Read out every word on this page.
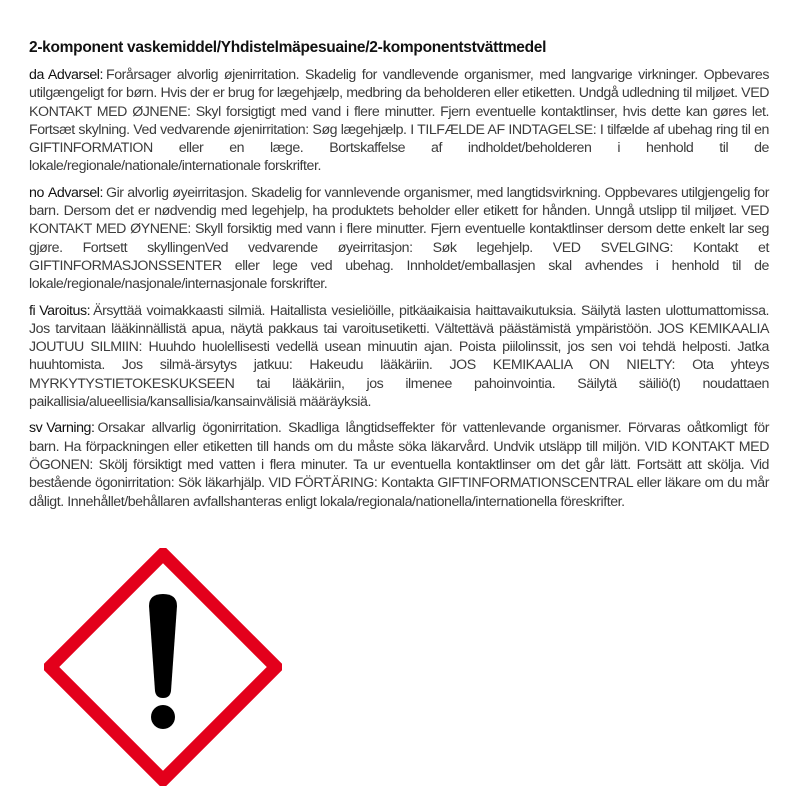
2-komponent vaskemiddel/Yhdistelmäpesuaine/2-komponentstvättmedel
da Advarsel: Forårsager alvorlig øjenirritation. Skadelig for vandlevende organismer, med langvarige virkninger. Opbevares utilgængeligt for børn. Hvis der er brug for lægehjælp, medbring da beholderen eller etiketten. Undgå udledning til miljøet. VED KONTAKT MED ØJNENE: Skyl forsigtigt med vand i flere minutter. Fjern eventuelle kontaktlinser, hvis dette kan gøres let. Fortsæt skylning. Ved vedvarende øjenirritation: Søg lægehjælp. I TILFÆLDE AF INDTAGELSE: I tilfælde af ubehag ring til en GIFTINFORMATION eller en læge. Bortskaffelse af indholdet/beholderen i henhold til de lokale/regionale/nationale/internationale forskrifter.
no Advarsel: Gir alvorlig øyeirritasjon. Skadelig for vannlevende organismer, med langtidsvirkning. Oppbevares utilgjengelig for barn. Dersom det er nødvendig med legehjelp, ha produktets beholder eller etikett for hånden. Unngå utslipp til miljøet. VED KONTAKT MED ØYNENE: Skyll forsiktig med vann i flere minutter. Fjern eventuelle kontaktlinser dersom dette enkelt lar seg gjøre. Fortsett skyllingenVed vedvarende øyeirritasjon: Søk legehjelp. VED SVELGING: Kontakt et GIFTINFORMASJONSSENTER eller lege ved ubehag. Innholdet/emballasjen skal avhendes i henhold til de lokale/regionale/nasjonale/internasjonale forskrifter.
fi Varoitus: Ärsyttää voimakkaasti silmiä. Haitallista vesieliöille, pitkäaikaisia haittavaikutuksia. Säilytä lasten ulottumattomissa. Jos tarvitaan lääkinnällistä apua, näytä pakkaus tai varoitusetiketti. Vältettävä päästämistä ympäristöön. JOS KEMIKAALIA JOUTUU SILMIIN: Huuhdo huolellisesti vedellä usean minuutin ajan. Poista piilolinssit, jos sen voi tehdä helposti. Jatka huuhtomista. Jos silmä-ärsytys jatkuu: Hakeudu lääkäriin. JOS KEMIKAALIA ON NIELTY: Ota yhteys MYRKYTYSTIETOKESKUKSEEN tai lääkäriin, jos ilmenee pahoinvointia. Säilytä säiliö(t) noudattaen paikallisia/alueellisia/kansallisia/kansainvälisiä määräyksiä.
sv Varning: Orsakar allvarlig ögonirritation. Skadliga långtidseffekter för vattenlevande organismer. Förvaras oåtkomligt för barn. Ha förpackningen eller etiketten till hands om du måste söka läkarvård. Undvik utsläpp till miljön. VID KONTAKT MED ÖGONEN: Skölj försiktigt med vatten i flera minuter. Ta ur eventuella kontaktlinser om det går lätt. Fortsätt att skölja. Vid bestående ögonirritation: Sök läkarhjälp. VID FÖRTÄRING: Kontakta GIFTINFORMATIONSCENTRAL eller läkare om du mår dåligt. Innehållet/behållaren avfallshanteras enligt lokala/regionala/nationella/internationella föreskrifter.
